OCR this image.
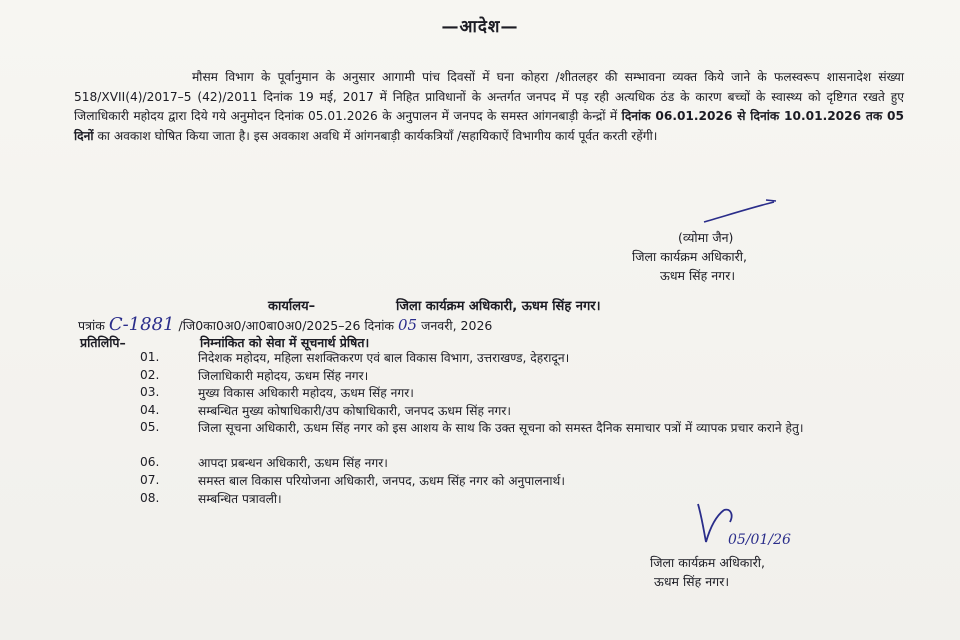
—आदेश—

मौसम विभाग के पूर्वानुमान के अनुसार आगामी पांच दिवसों में घना कोहरा /शीतलहर की सम्भावना व्यक्त किये जाने के फलस्वरूप शासनादेश संख्या 518/XVII(4)/2017–5 (42)/2011 दिनांक 19 मई, 2017 में निहित प्राविधानों के अन्तर्गत जनपद में पड़ रही अत्यधिक ठंड के कारण बच्चों के स्वास्थ्य को दृष्टिगत रखते हुए जिलाधिकारी महोदय द्वारा दिये गये अनुमोदन दिनांक 05.01.2026 के अनुपालन में जनपद के समस्त आंगनबाड़ी केन्द्रों में दिनांक 06.01.2026 से दिनांक 10.01.2026 तक 05 दिनों का अवकाश घोषित किया जाता है। इस अवकाश अवधि में आंगनबाड़ी कार्यकत्रियाँ /सहायिकाऐं विभागीय कार्य पूर्वत करती रहेंगी।

(व्योमा जैन)
जिला कार्यक्रम अधिकारी,
ऊधम सिंह नगर।
कार्यालय–	जिला कार्यक्रम अधिकारी, ऊधम सिंह नगर।
पत्रांक C-1881 /जि0का0अ0/आ0बा0अ0/2025–26 दिनांक 05 जनवरी, 2026
प्रतिलिपि–	निम्नांकित को सेवा में सूचनार्थ प्रेषित।
01.	निदेशक महोदय, महिला सशक्तिकरण एवं बाल विकास विभाग, उत्तराखण्ड, देहरादून।
02.	जिलाधिकारी महोदय, ऊधम सिंह नगर।
03.	मुख्य विकास अधिकारी महोदय, ऊधम सिंह नगर।
04.	सम्बन्धित मुख्य कोषाधिकारी/उप कोषाधिकारी, जनपद ऊधम सिंह नगर।
05.	जिला सूचना अधिकारी, ऊधम सिंह नगर को इस आशय के साथ कि उक्त सूचना को समस्त दैनिक समाचार पत्रों में व्यापक प्रचार कराने हेतु।
06.	आपदा प्रबन्धन अधिकारी, ऊधम सिंह नगर।
07.	समस्त बाल विकास परियोजना अधिकारी, जनपद, ऊधम सिंह नगर को अनुपालनार्थ।
08.	सम्बन्धित पत्रावली।
05/01/26
जिला कार्यक्रम अधिकारी,
ऊधम सिंह नगर।
